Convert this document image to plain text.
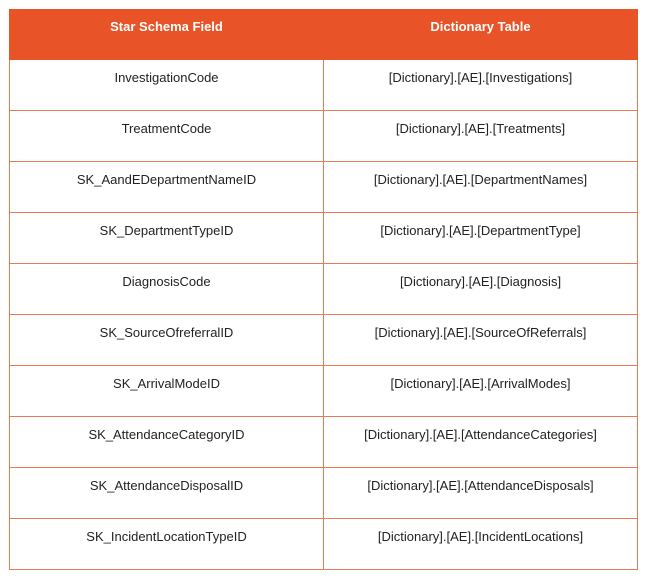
Star Schema Field	Dictionary Table
InvestigationCode	[Dictionary].[AE].[Investigations]
TreatmentCode	[Dictionary].[AE].[Treatments]
SK_AandEDepartmentNameID	[Dictionary].[AE].[DepartmentNames]
SK_DepartmentTypeID	[Dictionary].[AE].[DepartmentType]
DiagnosisCode	[Dictionary].[AE].[Diagnosis]
SK_SourceOfreferralID	[Dictionary].[AE].[SourceOfReferrals]
SK_ArrivalModeID	[Dictionary].[AE].[ArrivalModes]
SK_AttendanceCategoryID	[Dictionary].[AE].[AttendanceCategories]
SK_AttendanceDisposalID	[Dictionary].[AE].[AttendanceDisposals]
SK_IncidentLocationTypeID	[Dictionary].[AE].[IncidentLocations]
